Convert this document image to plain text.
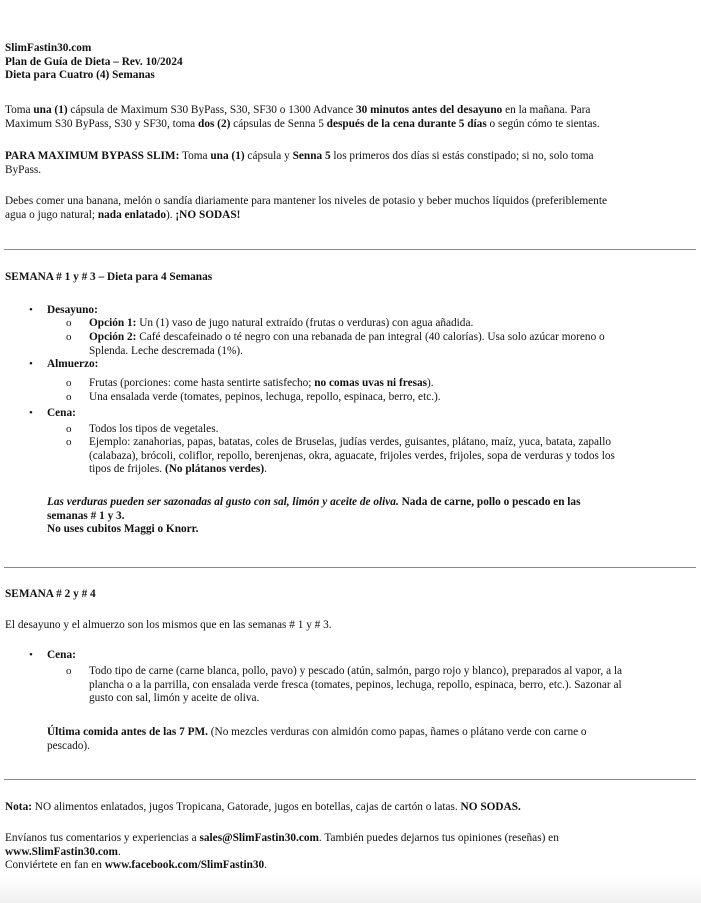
SlimFastin30.com
Plan de Guía de Dieta – Rev. 10/2024
Dieta para Cuatro (4) Semanas
Toma una (1) cápsula de Maximum S30 ByPass, S30, SF30 o 1300 Advance 30 minutos antes del desayuno en la mañana. Para
Maximum S30 ByPass, S30 y SF30, toma dos (2) cápsulas de Senna 5 después de la cena durante 5 días o según cómo te sientas.
PARA MAXIMUM BYPASS SLIM: Toma una (1) cápsula y Senna 5 los primeros dos días si estás constipado; si no, solo toma
ByPass.
Debes comer una banana, melón o sandía diariamente para mantener los niveles de potasio y beber muchos líquidos (preferiblemente
agua o jugo natural; nada enlatado). ¡NO SODAS!
SEMANA # 1 y # 3 – Dieta para 4 Semanas
• Desayuno:
o Opción 1: Un (1) vaso de jugo natural extraído (frutas o verduras) con agua añadida.
o Opción 2: Café descafeinado o té negro con una rebanada de pan integral (40 calorías). Usa solo azúcar moreno o
Splenda. Leche descremada (1%).
• Almuerzo:
o Frutas (porciones: come hasta sentirte satisfecho; no comas uvas ni fresas).
o Una ensalada verde (tomates, pepinos, lechuga, repollo, espinaca, berro, etc.).
• Cena:
o Todos los tipos de vegetales.
o Ejemplo: zanahorias, papas, batatas, coles de Bruselas, judías verdes, guisantes, plátano, maíz, yuca, batata, zapallo
(calabaza), brócoli, coliflor, repollo, berenjenas, okra, aguacate, frijoles verdes, frijoles, sopa de verduras y todos los
tipos de frijoles. (No plátanos verdes).
Las verduras pueden ser sazonadas al gusto con sal, limón y aceite de oliva. Nada de carne, pollo o pescado en las
semanas # 1 y 3.
No uses cubitos Maggi o Knorr.
SEMANA # 2 y # 4
El desayuno y el almuerzo son los mismos que en las semanas # 1 y # 3.
• Cena:
o Todo tipo de carne (carne blanca, pollo, pavo) y pescado (atún, salmón, pargo rojo y blanco), preparados al vapor, a la
plancha o a la parrilla, con ensalada verde fresca (tomates, pepinos, lechuga, repollo, espinaca, berro, etc.). Sazonar al
gusto con sal, limón y aceite de oliva.
Última comida antes de las 7 PM. (No mezcles verduras con almidón como papas, ñames o plátano verde con carne o
pescado).
Nota: NO alimentos enlatados, jugos Tropicana, Gatorade, jugos en botellas, cajas de cartón o latas. NO SODAS.
Envíanos tus comentarios y experiencias a sales@SlimFastin30.com. También puedes dejarnos tus opiniones (reseñas) en
www.SlimFastin30.com.
Conviértete en fan en www.facebook.com/SlimFastin30.
